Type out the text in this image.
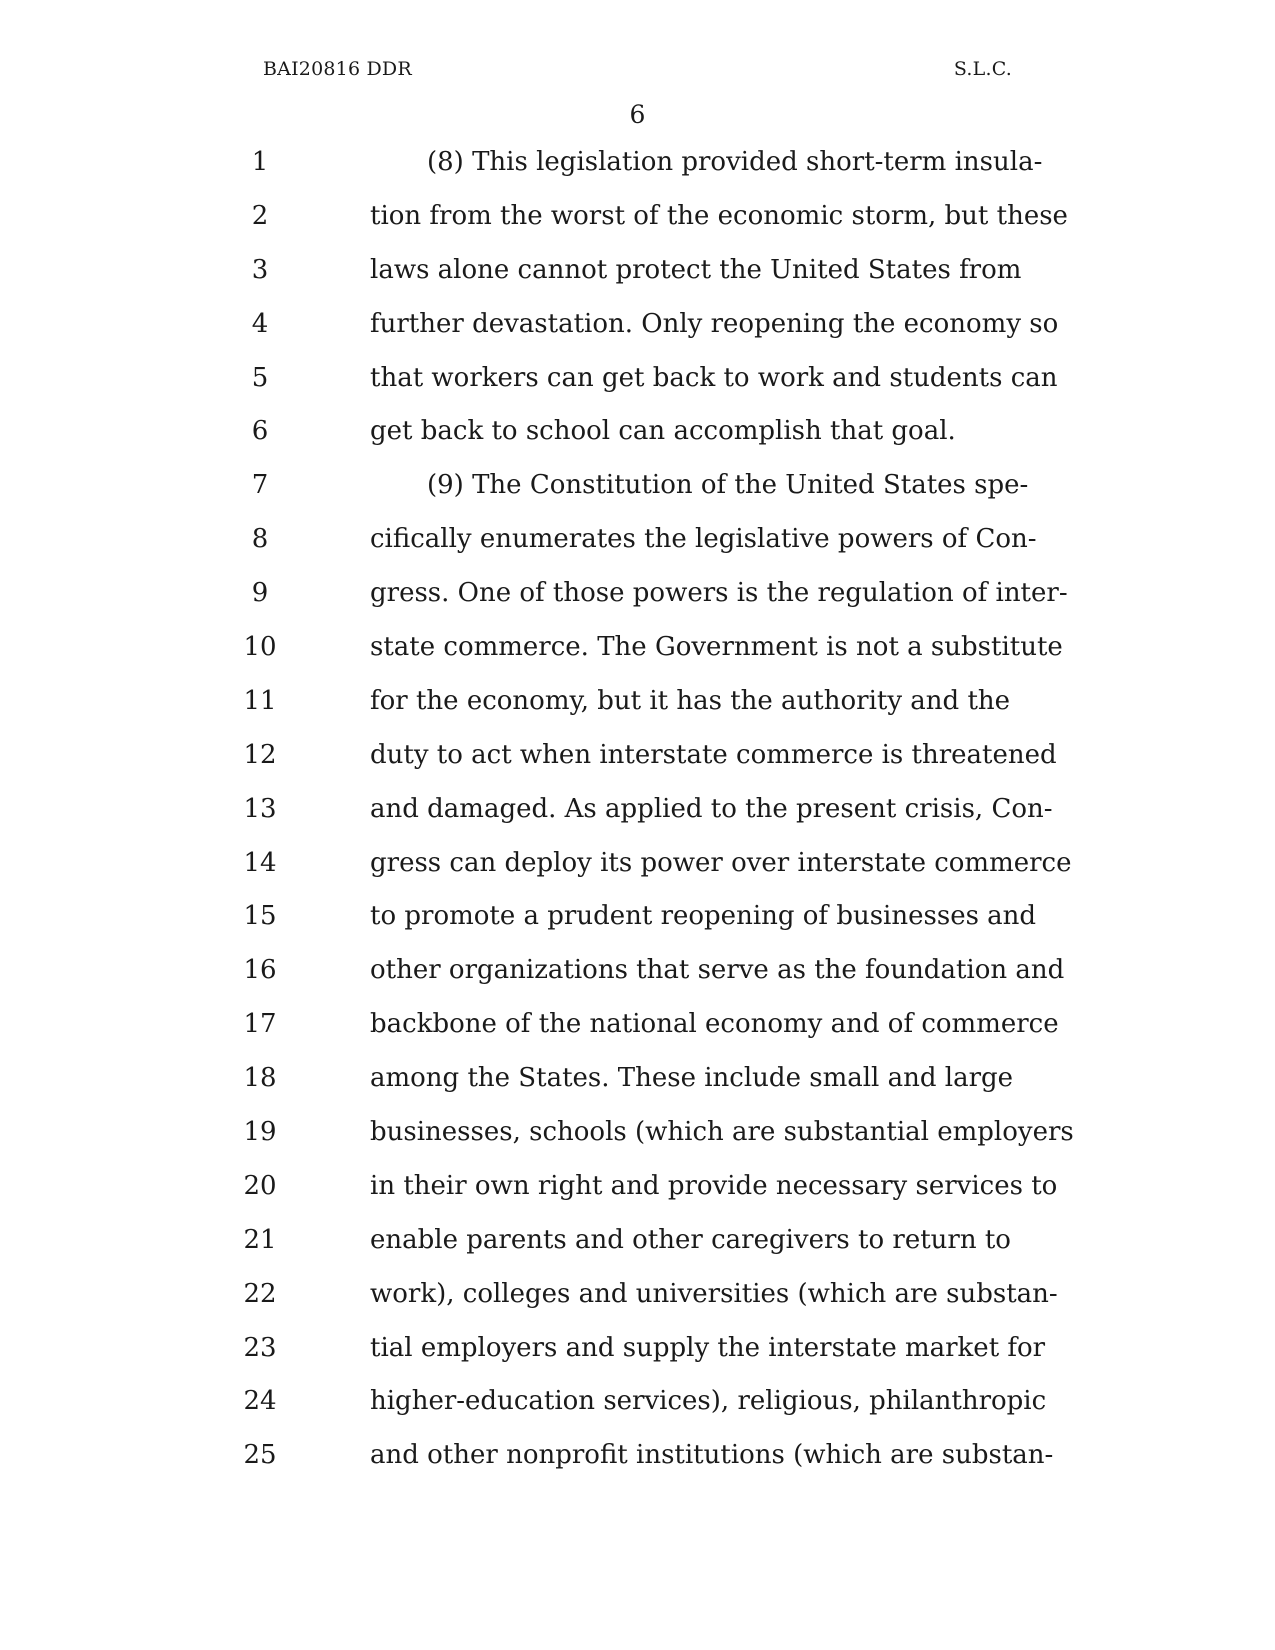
BAI20816 DDR	S.L.C.
6
1	(8) This legislation provided short-term insula-
2	tion from the worst of the economic storm, but these
3	laws alone cannot protect the United States from
4	further devastation. Only reopening the economy so
5	that workers can get back to work and students can
6	get back to school can accomplish that goal.
7	(9) The Constitution of the United States spe-
8	cifically enumerates the legislative powers of Con-
9	gress. One of those powers is the regulation of inter-
10	state commerce. The Government is not a substitute
11	for the economy, but it has the authority and the
12	duty to act when interstate commerce is threatened
13	and damaged. As applied to the present crisis, Con-
14	gress can deploy its power over interstate commerce
15	to promote a prudent reopening of businesses and
16	other organizations that serve as the foundation and
17	backbone of the national economy and of commerce
18	among the States. These include small and large
19	businesses, schools (which are substantial employers
20	in their own right and provide necessary services to
21	enable parents and other caregivers to return to
22	work), colleges and universities (which are substan-
23	tial employers and supply the interstate market for
24	higher-education services), religious, philanthropic
25	and other nonprofit institutions (which are substan-
